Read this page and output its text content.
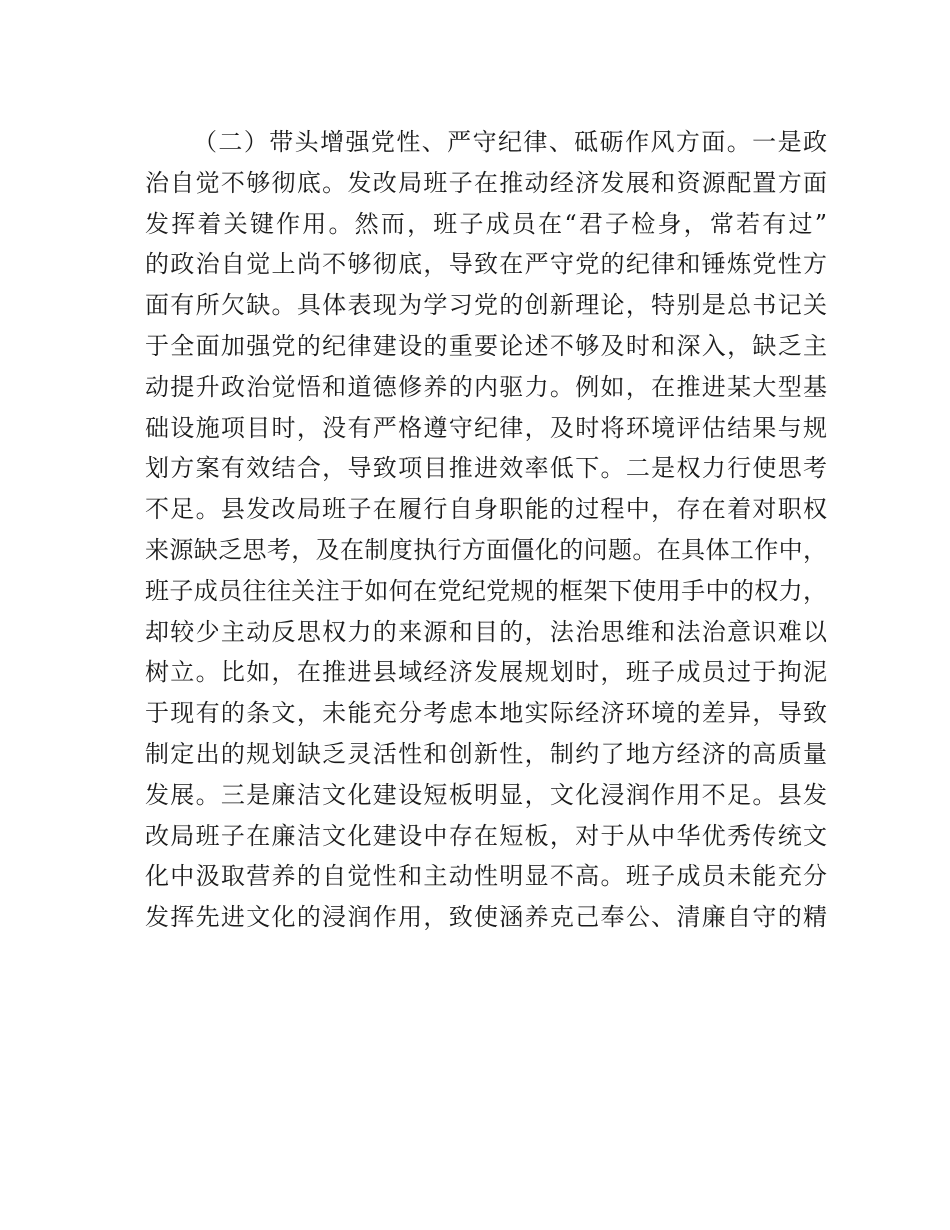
（二）带头增强党性、严守纪律、砥砺作风方面。一是政
治自觉不够彻底。发改局班子在推动经济发展和资源配置方面
发挥着关键作用。然而，班子成员在“君子检身，常若有过”
的政治自觉上尚不够彻底，导致在严守党的纪律和锤炼党性方
面有所欠缺。具体表现为学习党的创新理论，特别是总书记关
于全面加强党的纪律建设的重要论述不够及时和深入，缺乏主
动提升政治觉悟和道德修养的内驱力。例如，在推进某大型基
础设施项目时，没有严格遵守纪律，及时将环境评估结果与规
划方案有效结合，导致项目推进效率低下。二是权力行使思考
不足。县发改局班子在履行自身职能的过程中，存在着对职权
来源缺乏思考，及在制度执行方面僵化的问题。在具体工作中，
班子成员往往关注于如何在党纪党规的框架下使用手中的权力，
却较少主动反思权力的来源和目的，法治思维和法治意识难以
树立。比如，在推进县域经济发展规划时，班子成员过于拘泥
于现有的条文，未能充分考虑本地实际经济环境的差异，导致
制定出的规划缺乏灵活性和创新性，制约了地方经济的高质量
发展。三是廉洁文化建设短板明显，文化浸润作用不足。县发
改局班子在廉洁文化建设中存在短板，对于从中华优秀传统文
化中汲取营养的自觉性和主动性明显不高。班子成员未能充分
发挥先进文化的浸润作用，致使涵养克己奉公、清廉自守的精
